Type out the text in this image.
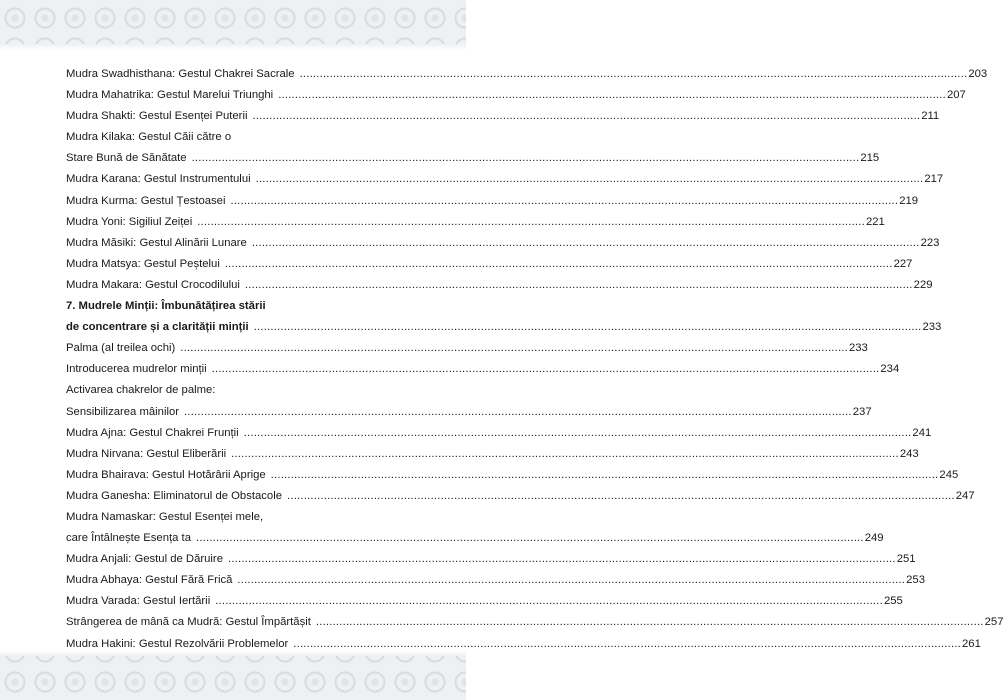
Mudra Swadhisthana: Gestul Chakrei Sacrale ........................................................................................................................................................................................................ 203
Mudra Mahatrika: Gestul Marelui Triunghi ........................................................................................................................................................................................................ 207
Mudra Shakti: Gestul Esenței Puterii ........................................................................................................................................................................................................ 211
Mudra Kilaka: Gestul Căii către o
Stare Bună de Sănătate ........................................................................................................................................................................................................ 215
Mudra Karana: Gestul Instrumentului ........................................................................................................................................................................................................ 217
Mudra Kurma: Gestul Țestoasei ........................................................................................................................................................................................................ 219
Mudra Yoni: Sigiliul Zeiței ........................................................................................................................................................................................................ 221
Mudra Măsiki: Gestul Alinării Lunare ........................................................................................................................................................................................................ 223
Mudra Matsya: Gestul Peștelui ........................................................................................................................................................................................................ 227
Mudra Makara: Gestul Crocodilului ........................................................................................................................................................................................................ 229
7. Mudrele Minții: Îmbunătățirea stării
de concentrare și a clarității minții ........................................................................................................................................................................................................ 233
Palma (al treilea ochi) ........................................................................................................................................................................................................ 233
Introducerea mudrelor minții ........................................................................................................................................................................................................ 234
Activarea chakrelor de palme:
Sensibilizarea mâinilor ........................................................................................................................................................................................................ 237
Mudra Ajna: Gestul Chakrei Frunții ........................................................................................................................................................................................................ 241
Mudra Nirvana: Gestul Eliberării ........................................................................................................................................................................................................ 243
Mudra Bhairava: Gestul Hotărârii Aprige ........................................................................................................................................................................................................ 245
Mudra Ganesha: Eliminatorul de Obstacole ........................................................................................................................................................................................................ 247
Mudra Namaskar: Gestul Esenței mele,
care Întâlnește Esența ta ........................................................................................................................................................................................................ 249
Mudra Anjali: Gestul de Dăruire ........................................................................................................................................................................................................ 251
Mudra Abhaya: Gestul Fără Frică ........................................................................................................................................................................................................ 253
Mudra Varada: Gestul Iertării ........................................................................................................................................................................................................ 255
Strângerea de mână ca Mudră: Gestul Împărtășit ........................................................................................................................................................................................................ 257
Mudra Hakini: Gestul Rezolvării Problemelor ........................................................................................................................................................................................................ 261
